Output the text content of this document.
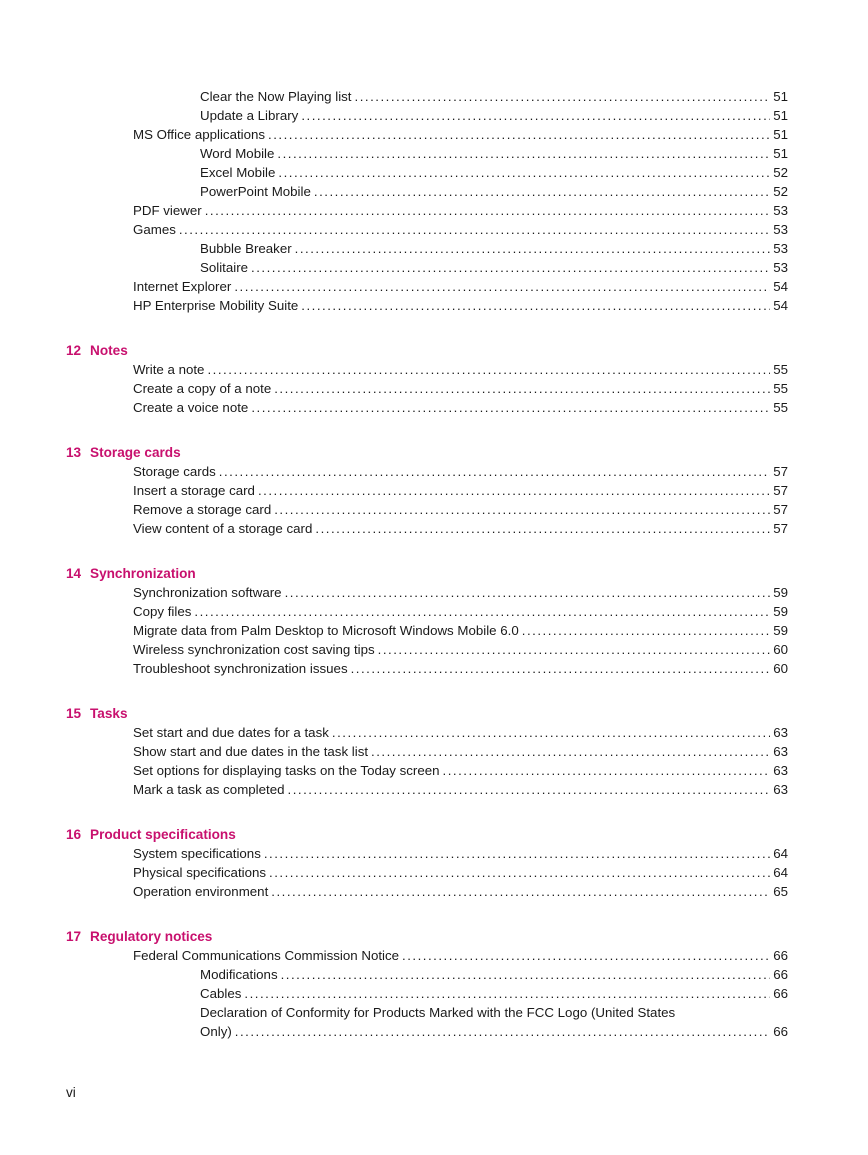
Clear the Now Playing list . . .	51
Update a Library . . .	51
MS Office applications . . .	51
Word Mobile . . .	51
Excel Mobile . . .	52
PowerPoint Mobile . . .	52
PDF viewer . . .	53
Games . . .	53
Bubble Breaker . . .	53
Solitaire . . .	53
Internet Explorer . . .	54
HP Enterprise Mobility Suite . . .	54
12 Notes
Write a note . . .	55
Create a copy of a note . . .	55
Create a voice note . . .	55
13 Storage cards
Storage cards . . .	57
Insert a storage card . . .	57
Remove a storage card . . .	57
View content of a storage card . . .	57
14 Synchronization
Synchronization software . . .	59
Copy files . . .	59
Migrate data from Palm Desktop to Microsoft Windows Mobile 6.0 . . .	59
Wireless synchronization cost saving tips . . .	60
Troubleshoot synchronization issues . . .	60
15 Tasks
Set start and due dates for a task . . .	63
Show start and due dates in the task list . . .	63
Set options for displaying tasks on the Today screen . . .	63
Mark a task as completed . . .	63
16 Product specifications
System specifications . . .	64
Physical specifications . . .	64
Operation environment . . .	65
17 Regulatory notices
Federal Communications Commission Notice . . .	66
Modifications . . .	66
Cables . . .	66
Declaration of Conformity for Products Marked with the FCC Logo (United States
Only) . . .	66
vi
